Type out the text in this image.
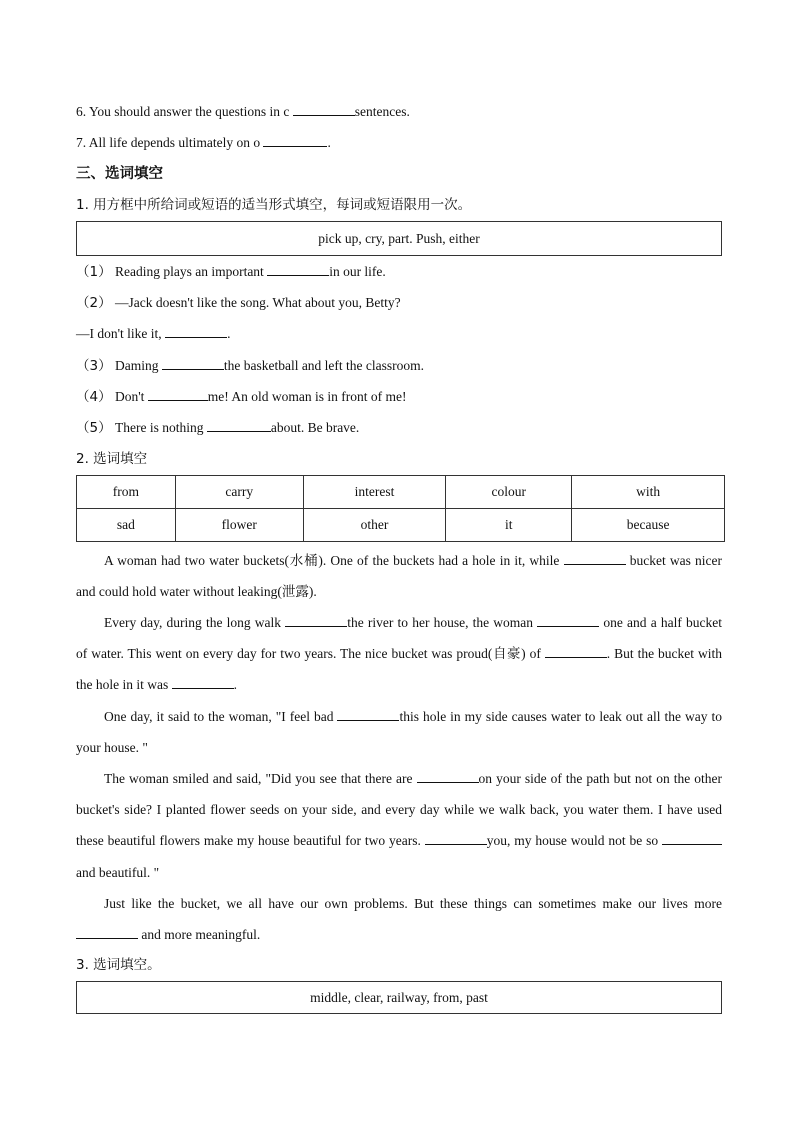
6. You should answer the questions in c	sentences.
7. All life depends ultimately on o	.
三、选词填空
1. 用方框中所给词或短语的适当形式填空，每词或短语限用一次。
pick up, cry, part. Push, either
（1） Reading plays an important	in our life.
（2） —Jack doesn't like the song. What about you, Betty?
—I don't like it,	.
（3） Daming	the basketball and left the classroom.
（4） Don't	me! An old woman is in front of me!
（5） There is nothing	about. Be brave.
2. 选词填空
from	carry	interest	colour	with
sad	flower	other	it	because
A woman had two water buckets(水桶). One of the buckets had a hole in it, while	bucket was nicer and could hold water without leaking(泄露).
Every day, during the long walk	the river to her house, the woman	one and a half bucket of water. This went on every day for two years. The nice bucket was proud(自豪) of	. But the bucket with the hole in it was	.
One day, it said to the woman, "I feel bad	this hole in my side causes water to leak out all the way to your house. "
The woman smiled and said, "Did you see that there are	on your side of the path but not on the other bucket's side? I planted flower seeds on your side, and every day while we walk back, you water them. I have used these beautiful flowers make my house beautiful for two years.	you, my house would not be so and beautiful. "
Just like the bucket, we all have our own problems. But these things can sometimes make our lives more  and more meaningful.
3. 选词填空。
middle, clear, railway, from, past
